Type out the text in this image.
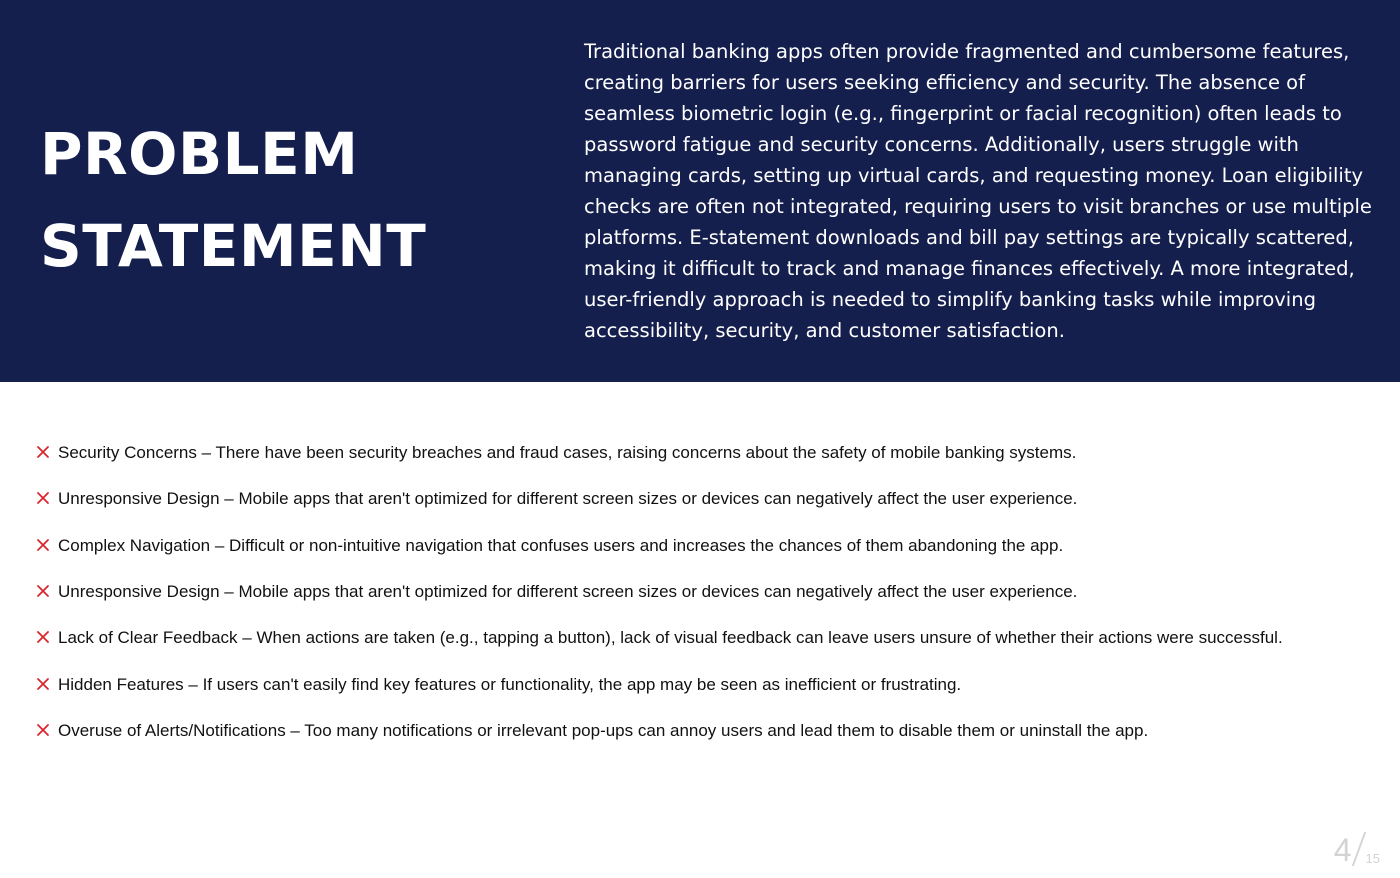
PROBLEM
STATEMENT

Traditional banking apps often provide fragmented and cumbersome features, creating barriers for users seeking efficiency and security. The absence of seamless biometric login (e.g., fingerprint or facial recognition) often leads to password fatigue and security concerns. Additionally, users struggle with managing cards, setting up virtual cards, and requesting money. Loan eligibility checks are often not integrated, requiring users to visit branches or use multiple platforms. E-statement downloads and bill pay settings are typically scattered, making it difficult to track and manage finances effectively. A more integrated, user-friendly approach is needed to simplify banking tasks while improving accessibility, security, and customer satisfaction.

Security Concerns – There have been security breaches and fraud cases, raising concerns about the safety of mobile banking systems.
Unresponsive Design – Mobile apps that aren't optimized for different screen sizes or devices can negatively affect the user experience.
Complex Navigation – Difficult or non-intuitive navigation that confuses users and increases the chances of them abandoning the app.
Unresponsive Design – Mobile apps that aren't optimized for different screen sizes or devices can negatively affect the user experience.
Lack of Clear Feedback – When actions are taken (e.g., tapping a button), lack of visual feedback can leave users unsure of whether their actions were successful.
Hidden Features – If users can't easily find key features or functionality, the app may be seen as inefficient or frustrating.
Overuse of Alerts/Notifications – Too many notifications or irrelevant pop-ups can annoy users and lead them to disable them or uninstall the app.
4 15
